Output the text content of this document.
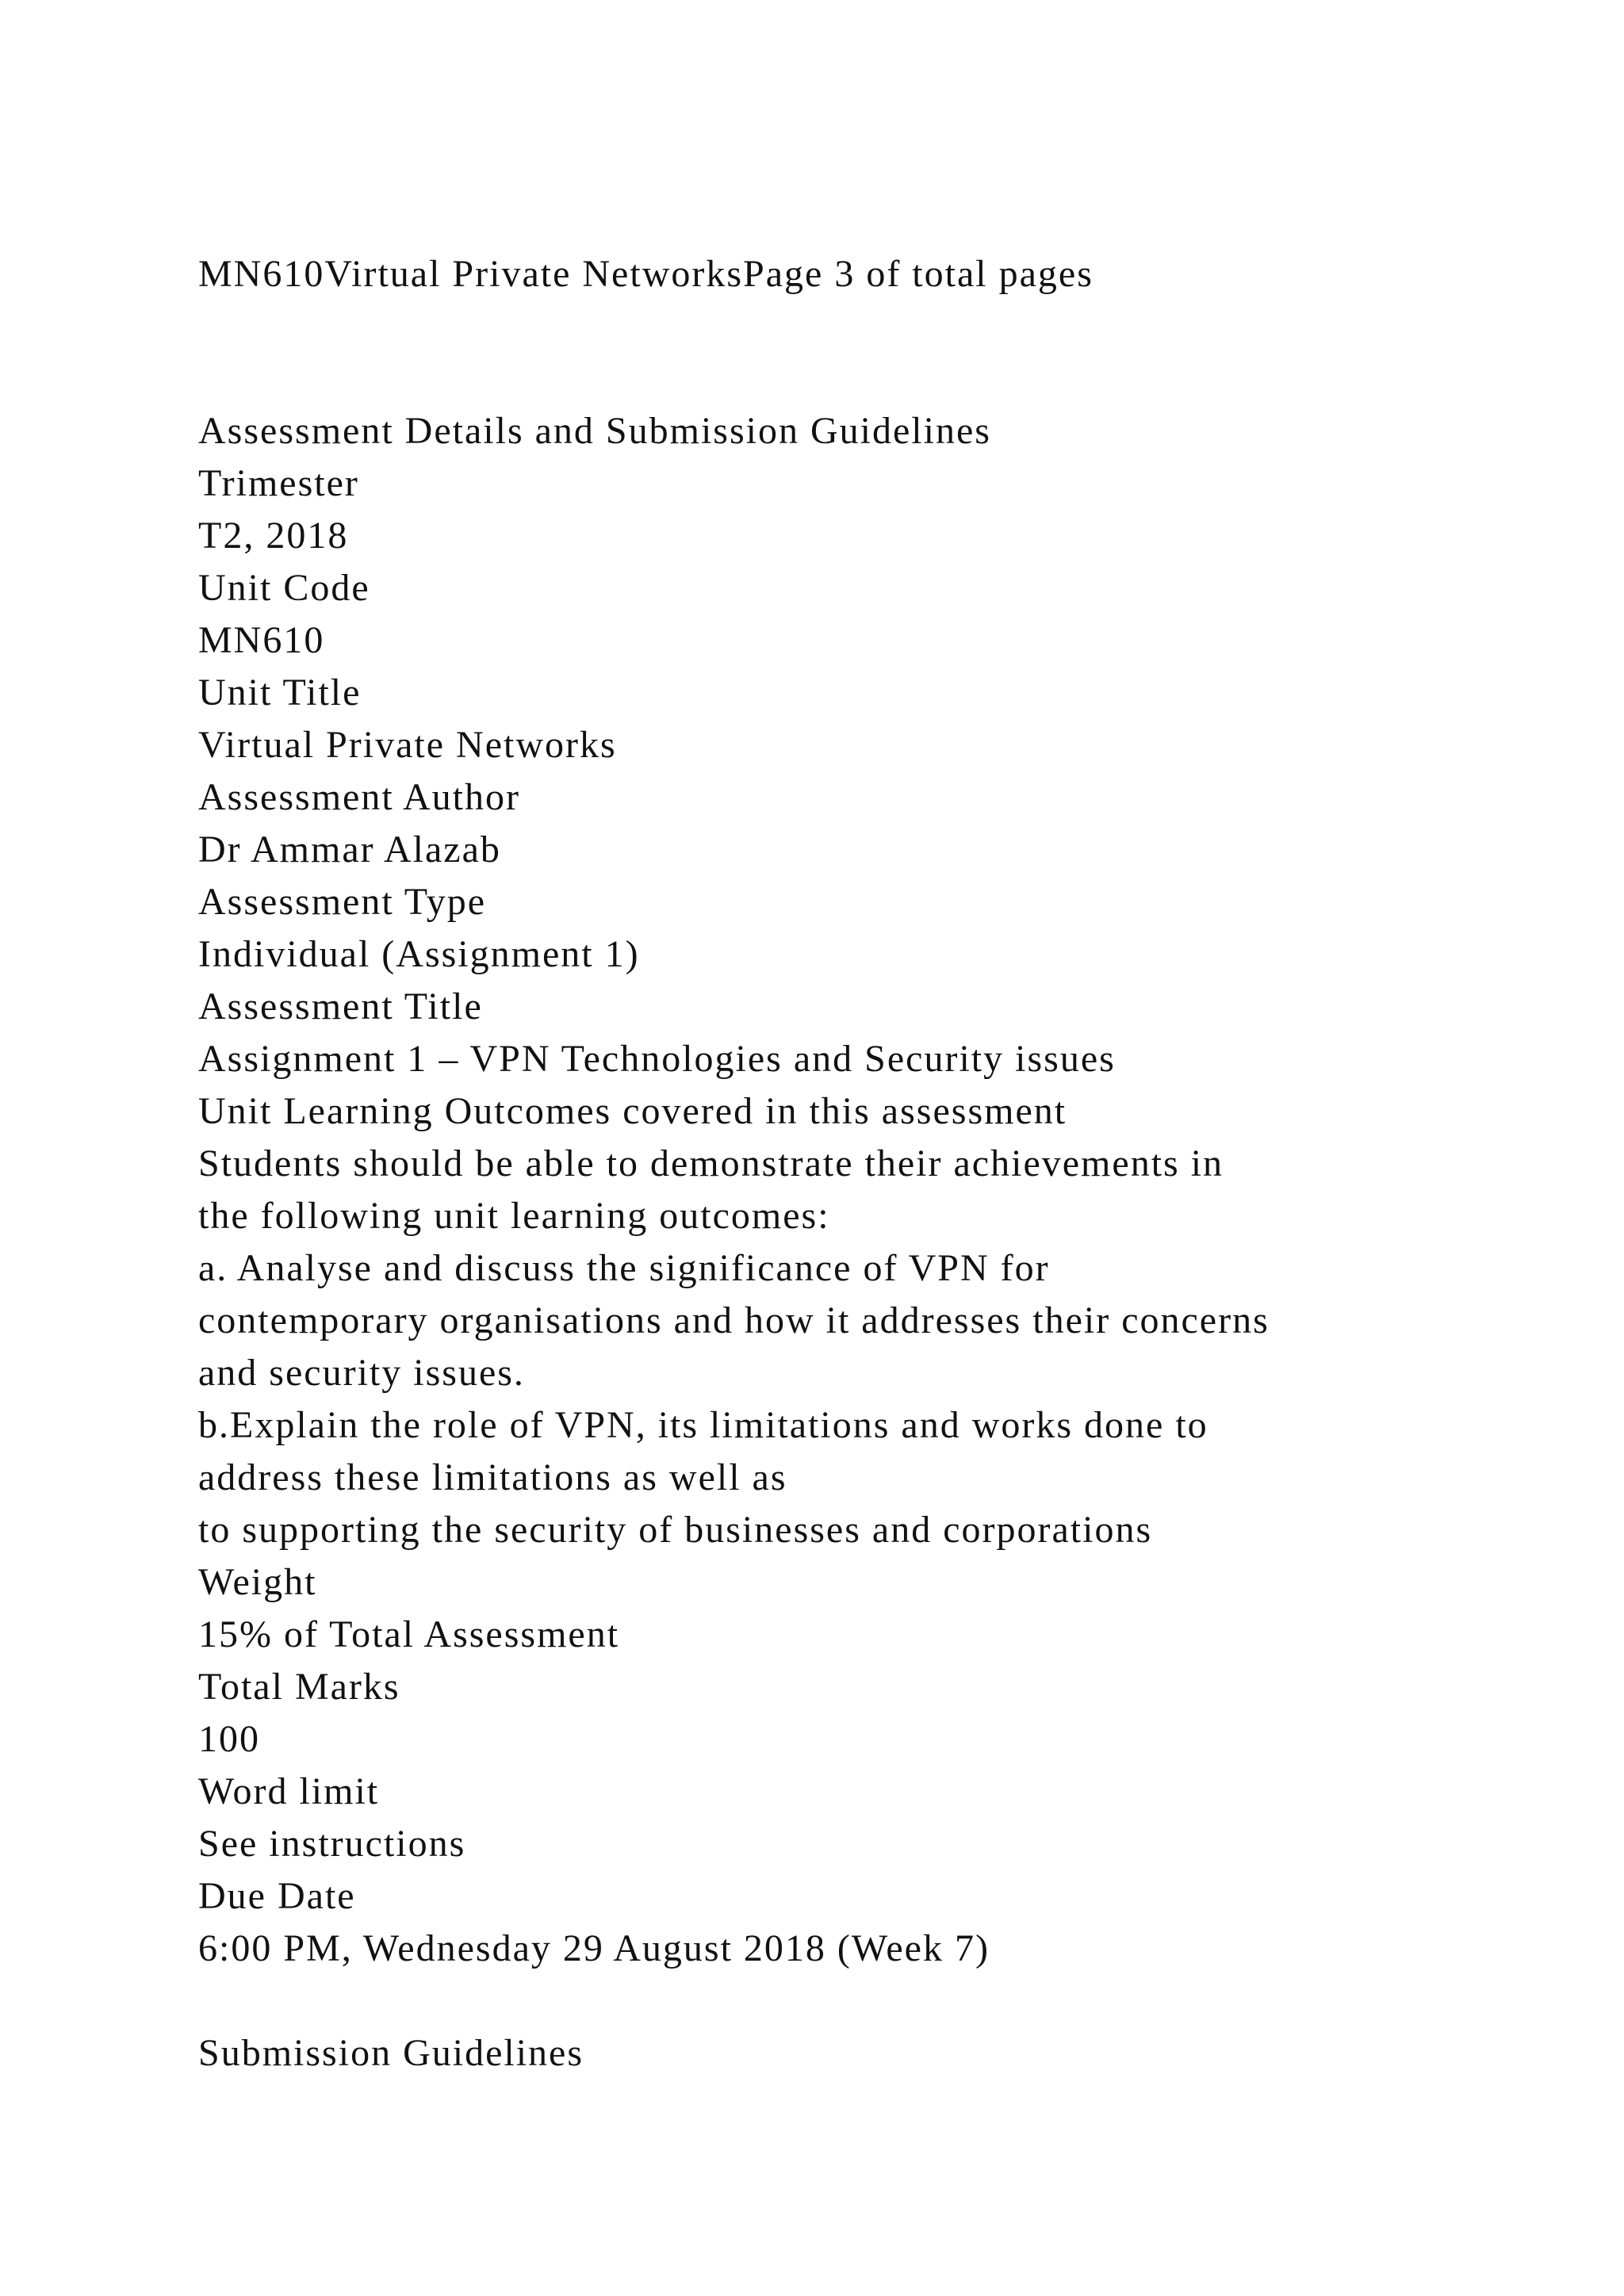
MN610Virtual Private NetworksPage 3 of total pages

Assessment Details and Submission Guidelines

Trimester

T2, 2018

Unit Code

MN610

Unit Title

Virtual Private Networks

Assessment Author

Dr Ammar Alazab

Assessment Type

Individual (Assignment 1)

Assessment Title

Assignment 1 – VPN Technologies and Security issues

Unit Learning Outcomes covered in this assessment

Students should be able to demonstrate their achievements in

the following unit learning outcomes:

a. Analyse and discuss the significance of VPN for

contemporary organisations and how it addresses their concerns

and security issues.

b.Explain the role of VPN, its limitations and works done to

address these limitations as well as

to supporting the security of businesses and corporations

Weight

15% of Total Assessment

Total Marks

100

Word limit

See instructions

Due Date

6:00 PM, Wednesday 29 August 2018 (Week 7)

Submission Guidelines
